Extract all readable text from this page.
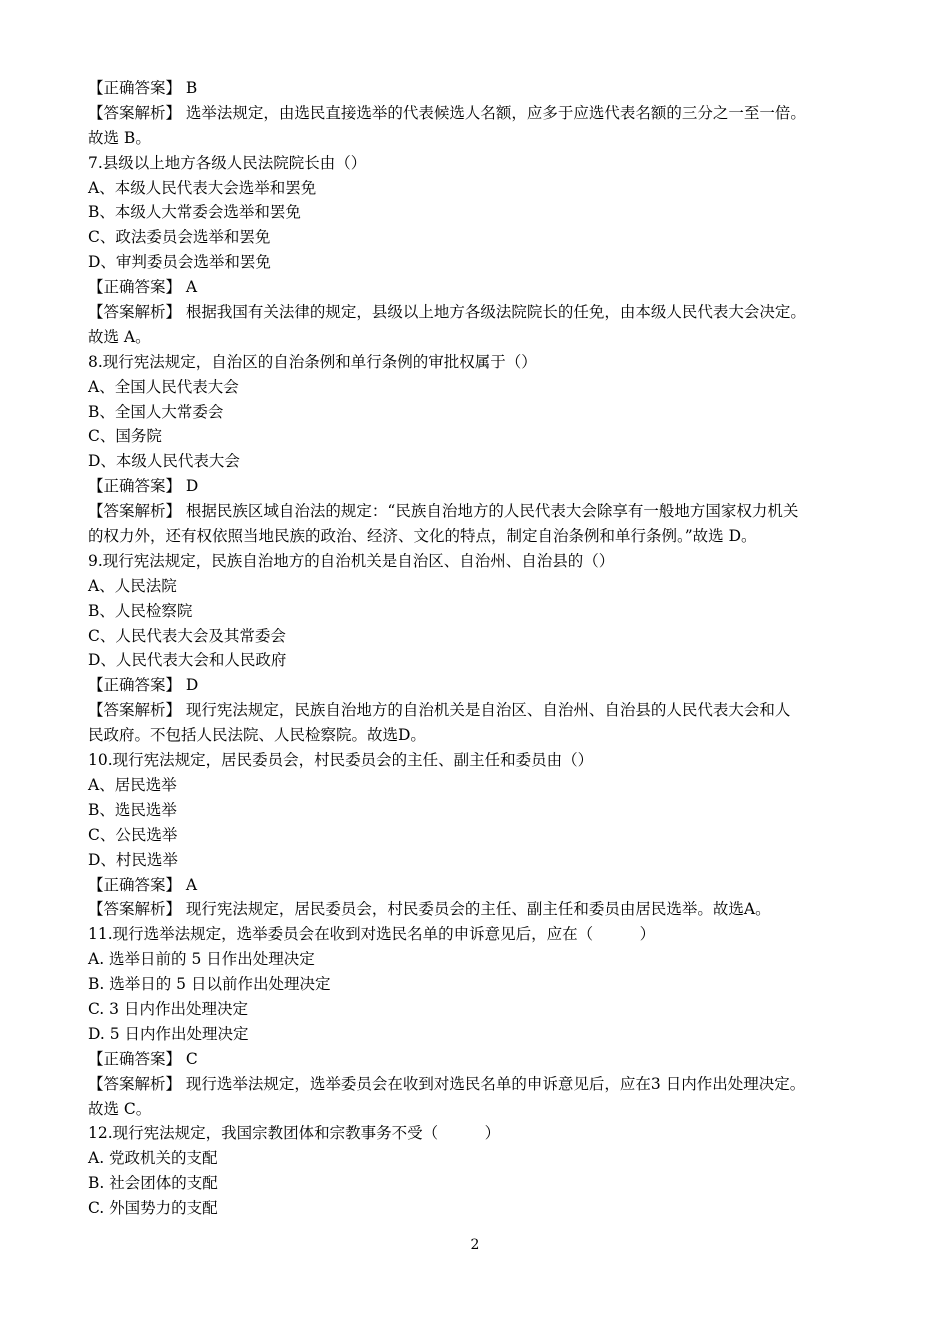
【正确答案】 B
【答案解析】 选举法规定，由选民直接选举的代表候选人名额，应多于应选代表名额的三分之一至一倍。
故选 B。
7.县级以上地方各级人民法院院长由（）
A、本级人民代表大会选举和罢免
B、本级人大常委会选举和罢免
C、政法委员会选举和罢免
D、审判委员会选举和罢免
【正确答案】 A
【答案解析】 根据我国有关法律的规定，县级以上地方各级法院院长的任免，由本级人民代表大会决定。
故选 A。
8.现行宪法规定，自治区的自治条例和单行条例的审批权属于（）
A、全国人民代表大会
B、全国人大常委会
C、国务院
D、本级人民代表大会
【正确答案】 D
【答案解析】 根据民族区域自治法的规定：“民族自治地方的人民代表大会除享有一般地方国家权力机关
的权力外，还有权依照当地民族的政治、经济、文化的特点，制定自治条例和单行条例。”故选 D。
9.现行宪法规定，民族自治地方的自治机关是自治区、自治州、自治县的（）
A、人民法院
B、人民检察院
C、人民代表大会及其常委会
D、人民代表大会和人民政府
【正确答案】 D
【答案解析】 现行宪法规定，民族自治地方的自治机关是自治区、自治州、自治县的人民代表大会和人
民政府。不包括人民法院、人民检察院。故选D。
10.现行宪法规定，居民委员会，村民委员会的主任、副主任和委员由（）
A、居民选举
B、选民选举
C、公民选举
D、村民选举
【正确答案】 A
【答案解析】 现行宪法规定，居民委员会，村民委员会的主任、副主任和委员由居民选举。故选A。
11.现行选举法规定，选举委员会在收到对选民名单的申诉意见后，应在（　　　）
A. 选举日前的 5 日作出处理决定
B. 选举日的 5 日以前作出处理决定
C. 3 日内作出处理决定
D. 5 日内作出处理决定
【正确答案】 C
【答案解析】 现行选举法规定，选举委员会在收到对选民名单的申诉意见后，应在3 日内作出处理决定。
故选 C。
12.现行宪法规定，我国宗教团体和宗教事务不受（　　　）
A. 党政机关的支配
B. 社会团体的支配
C. 外国势力的支配
2
